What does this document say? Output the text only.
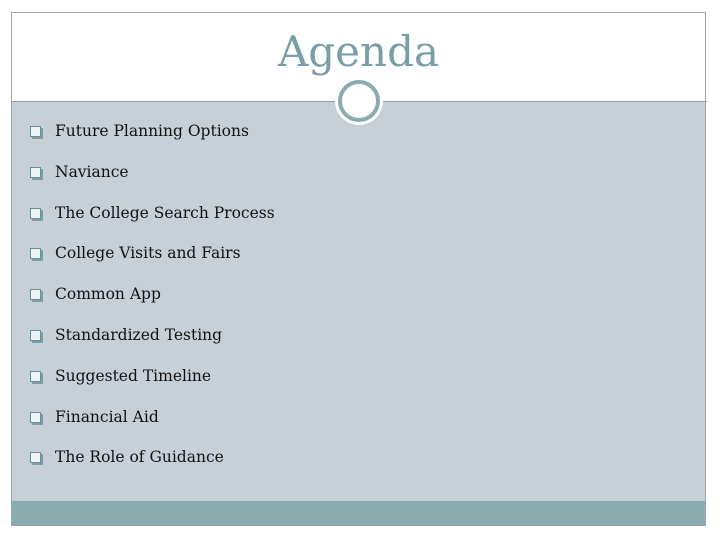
Agenda
Future Planning Options
Naviance
The College Search Process
College Visits and Fairs
Common App
Standardized Testing
Suggested Timeline
Financial Aid
The Role of Guidance
